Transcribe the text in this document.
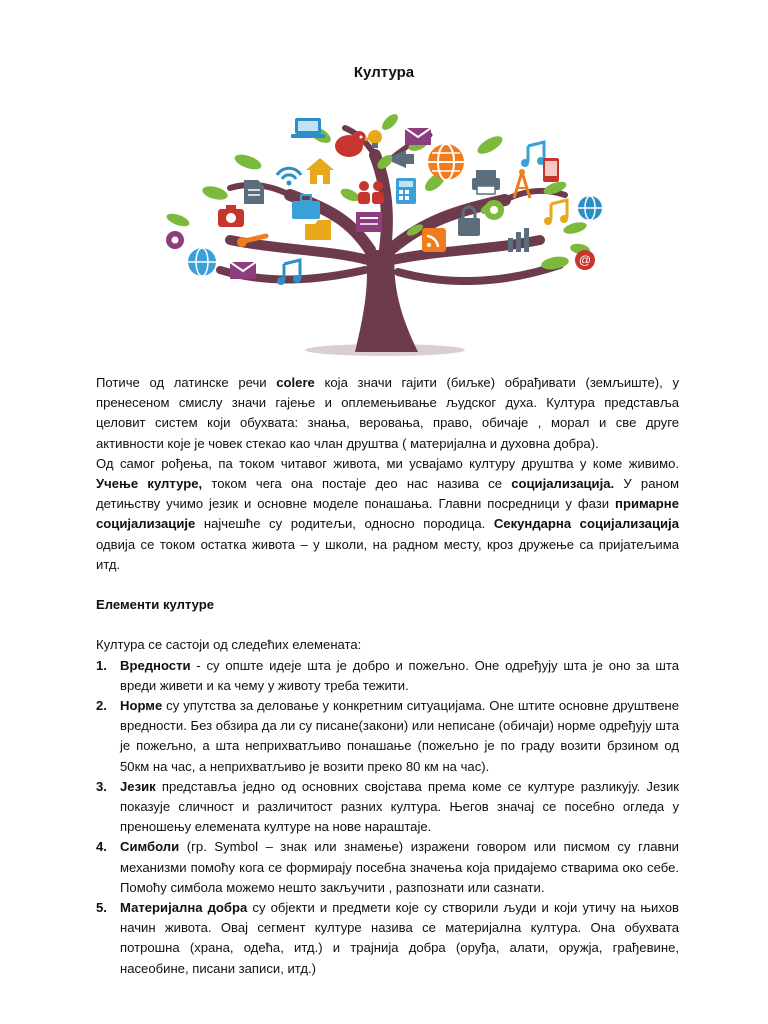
Култура
@

Потиче од латинске речи colere која значи гајити (биљке) обрађивати (земљиште), у пренесеном смислу значи гајење и оплемењивање људског духа. Култура представља целовит систем који обухвата: знања, веровања, право, обичаје , морал и све друге активности које је човек стекао као члан друштва ( материјална и духовна добра).

Од самог рођења, па током читавог живота, ми усвајамо културу друштва у коме живимо. Учење културе, током чега она постаје део нас назива се социјализација. У раном детињству учимо језик и основне моделе понашања. Главни посредници у фази примарне социјализације најчешће су родитељи, односно породица. Секундарна социјализација одвија се током остатка живота – у школи, на радном месту, кроз дружење са пријатељима итд.

Елементи културе

Култура се састоји од следећих елемената:

1. Вредности - су опште идеје шта је добро и пожељно. Оне одређују шта је оно за шта вреди живети и ка чему у животу треба тежити.
2. Норме су упутства за деловање у конкретним ситуацијама. Оне штите основне друштвене вредности. Без обзира да ли су писане(закони) или неписане (обичаји) норме одређују шта је пожељно, а шта неприхватљиво понашање (пожељно је по граду возити брзином од 50км на час, а неприхватљиво је возити преко 80 км на час).
3. Језик представља једно од основних својстава према коме се културе разликују. Језик показује сличност и различитост разних култура. Његов значај се посебно огледа у преношењу елемената културе на нове нараштаје.
4. Симболи (гр. Symbol – знак или знамење) изражени говором или писмом су главни механизми помоћу кога се формирају посебна значења која придајемо стварима око себе. Помоћу симбола можемо нешто закључити , разпознати или сазнати.
5. Материјална добра су објекти и предмети које су створили људи и који утичу на њихов начин живота. Овај сегмент културе назива се материјална култура. Она обухвата потрошна (храна, одећа, итд.) и трајнија добра (оруђа, алати, оружја, грађевине, насеобине, писани записи, итд.)
